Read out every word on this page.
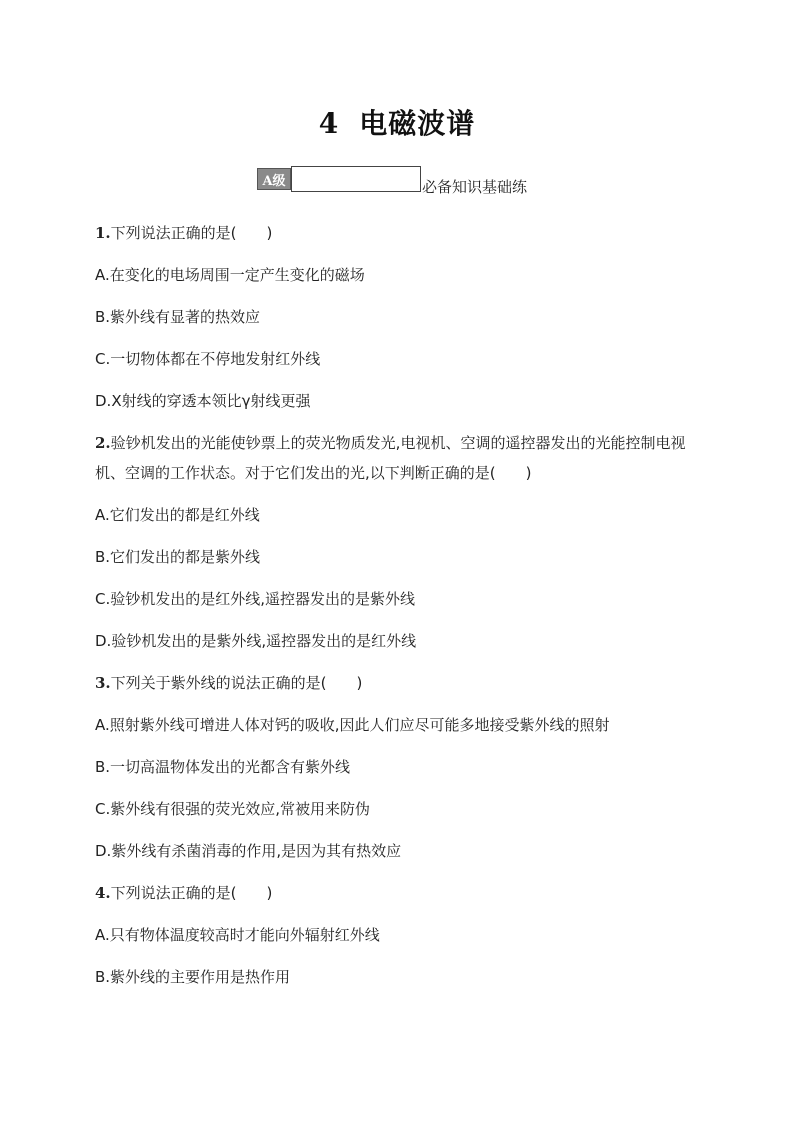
4 电磁波谱
A级	必备知识基础练
1.下列说法正确的是(　　)
A.在变化的电场周围一定产生变化的磁场
B.紫外线有显著的热效应
C.一切物体都在不停地发射红外线
D.X射线的穿透本领比γ射线更强
2.验钞机发出的光能使钞票上的荧光物质发光,电视机、空调的遥控器发出的光能控制电视机、空调的工作状态。对于它们发出的光,以下判断正确的是(　　)
A.它们发出的都是红外线
B.它们发出的都是紫外线
C.验钞机发出的是红外线,遥控器发出的是紫外线
D.验钞机发出的是紫外线,遥控器发出的是红外线
3.下列关于紫外线的说法正确的是(　　)
A.照射紫外线可增进人体对钙的吸收,因此人们应尽可能多地接受紫外线的照射
B.一切高温物体发出的光都含有紫外线
C.紫外线有很强的荧光效应,常被用来防伪
D.紫外线有杀菌消毒的作用,是因为其有热效应
4.下列说法正确的是(　　)
A.只有物体温度较高时才能向外辐射红外线
B.紫外线的主要作用是热作用
